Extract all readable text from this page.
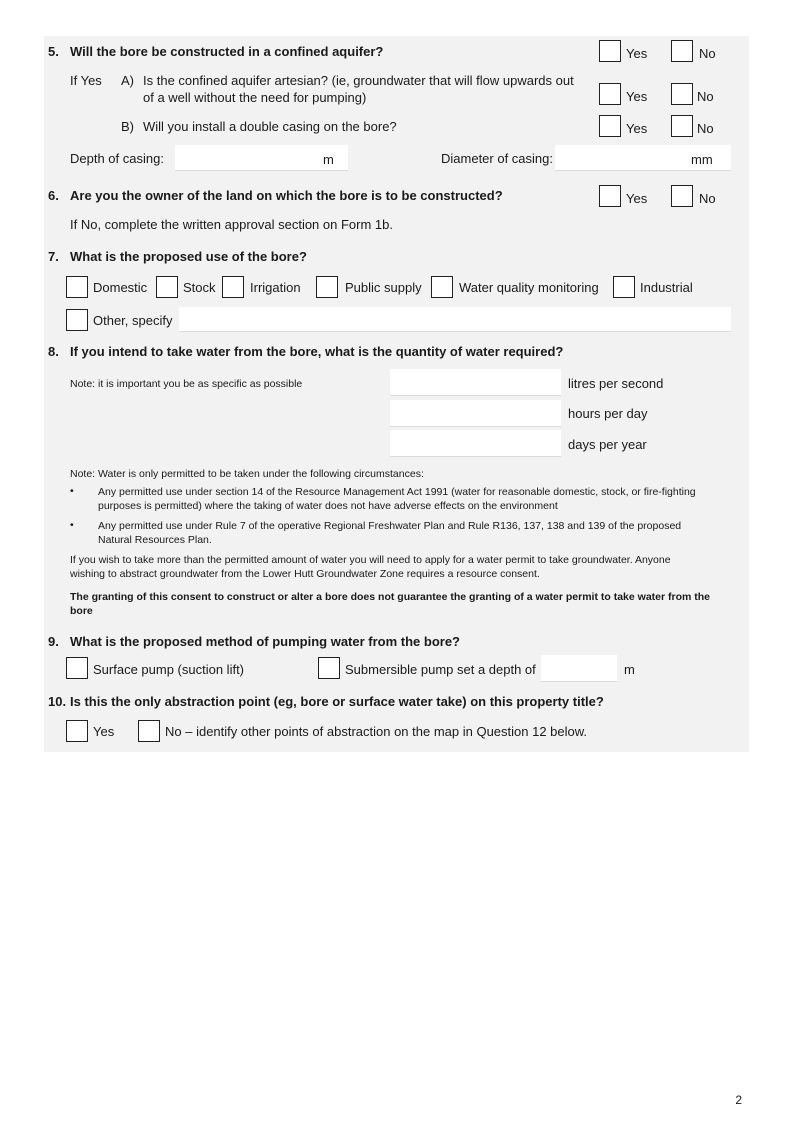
5. Will the bore be constructed in a confined aquifer?	Yes	No
If Yes A) Is the confined aquifer artesian? (ie, groundwater that will flow upwards out
of a well without the need for pumping)	Yes	No
B) Will you install a double casing on the bore?	Yes	No
Depth of casing:	m	Diameter of casing:	mm
6. Are you the owner of the land on which the bore is to be constructed?	Yes	No
If No, complete the written approval section on Form 1b.
7. What is the proposed use of the bore?
Domestic	Stock	Irrigation	Public supply	Water quality monitoring	Industrial
Other, specify
8. If you intend to take water from the bore, what is the quantity of water required?
Note: it is important you be as specific as possible	litres per second
hours per day
days per year
Note: Water is only permitted to be taken under the following circumstances:
• Any permitted use under section 14 of the Resource Management Act 1991 (water for reasonable domestic, stock, or fire-fighting
purposes is permitted) where the taking of water does not have adverse effects on the environment
• Any permitted use under Rule 7 of the operative Regional Freshwater Plan and Rule R136, 137, 138 and 139 of the proposed
Natural Resources Plan.
If you wish to take more than the permitted amount of water you will need to apply for a water permit to take groundwater. Anyone
wishing to abstract groundwater from the Lower Hutt Groundwater Zone requires a resource consent.
The granting of this consent to construct or alter a bore does not guarantee the granting of a water permit to take water from the
bore
9. What is the proposed method of pumping water from the bore?
Surface pump (suction lift)	Submersible pump set a depth of	m
10. Is this the only abstraction point (eg, bore or surface water take) on this property title?
Yes	No – identify other points of abstraction on the map in Question 12 below.
2
